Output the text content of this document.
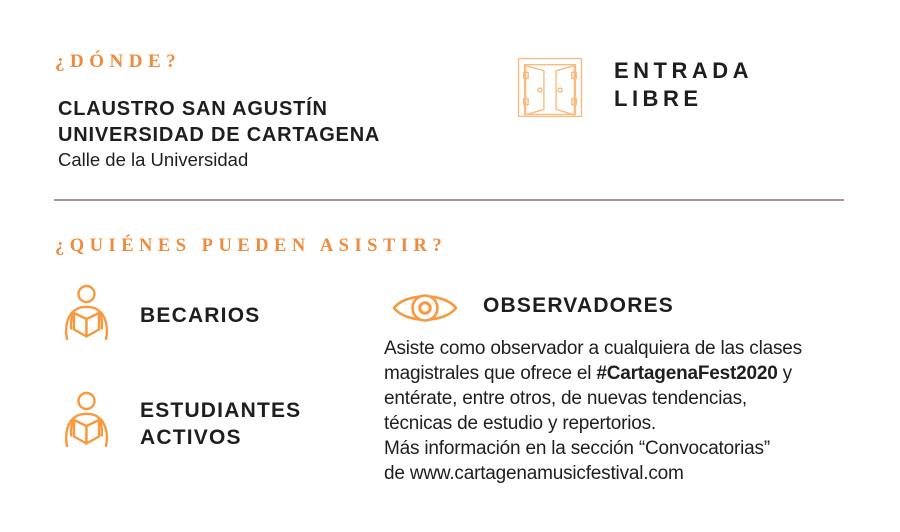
¿DÓNDE?
CLAUSTRO SAN AGUSTÍN
UNIVERSIDAD DE CARTAGENA
Calle de la Universidad
ENTRADA
LIBRE
¿QUIÉNES PUEDEN ASISTIR?
BECARIOS
ESTUDIANTES
ACTIVOS
OBSERVADORES
Asiste como observador a cualquiera de las clases
magistrales que ofrece el #CartagenaFest2020 y
entérate, entre otros, de nuevas tendencias,
técnicas de estudio y repertorios.
Más información en la sección “Convocatorias”
de www.cartagenamusicfestival.com
